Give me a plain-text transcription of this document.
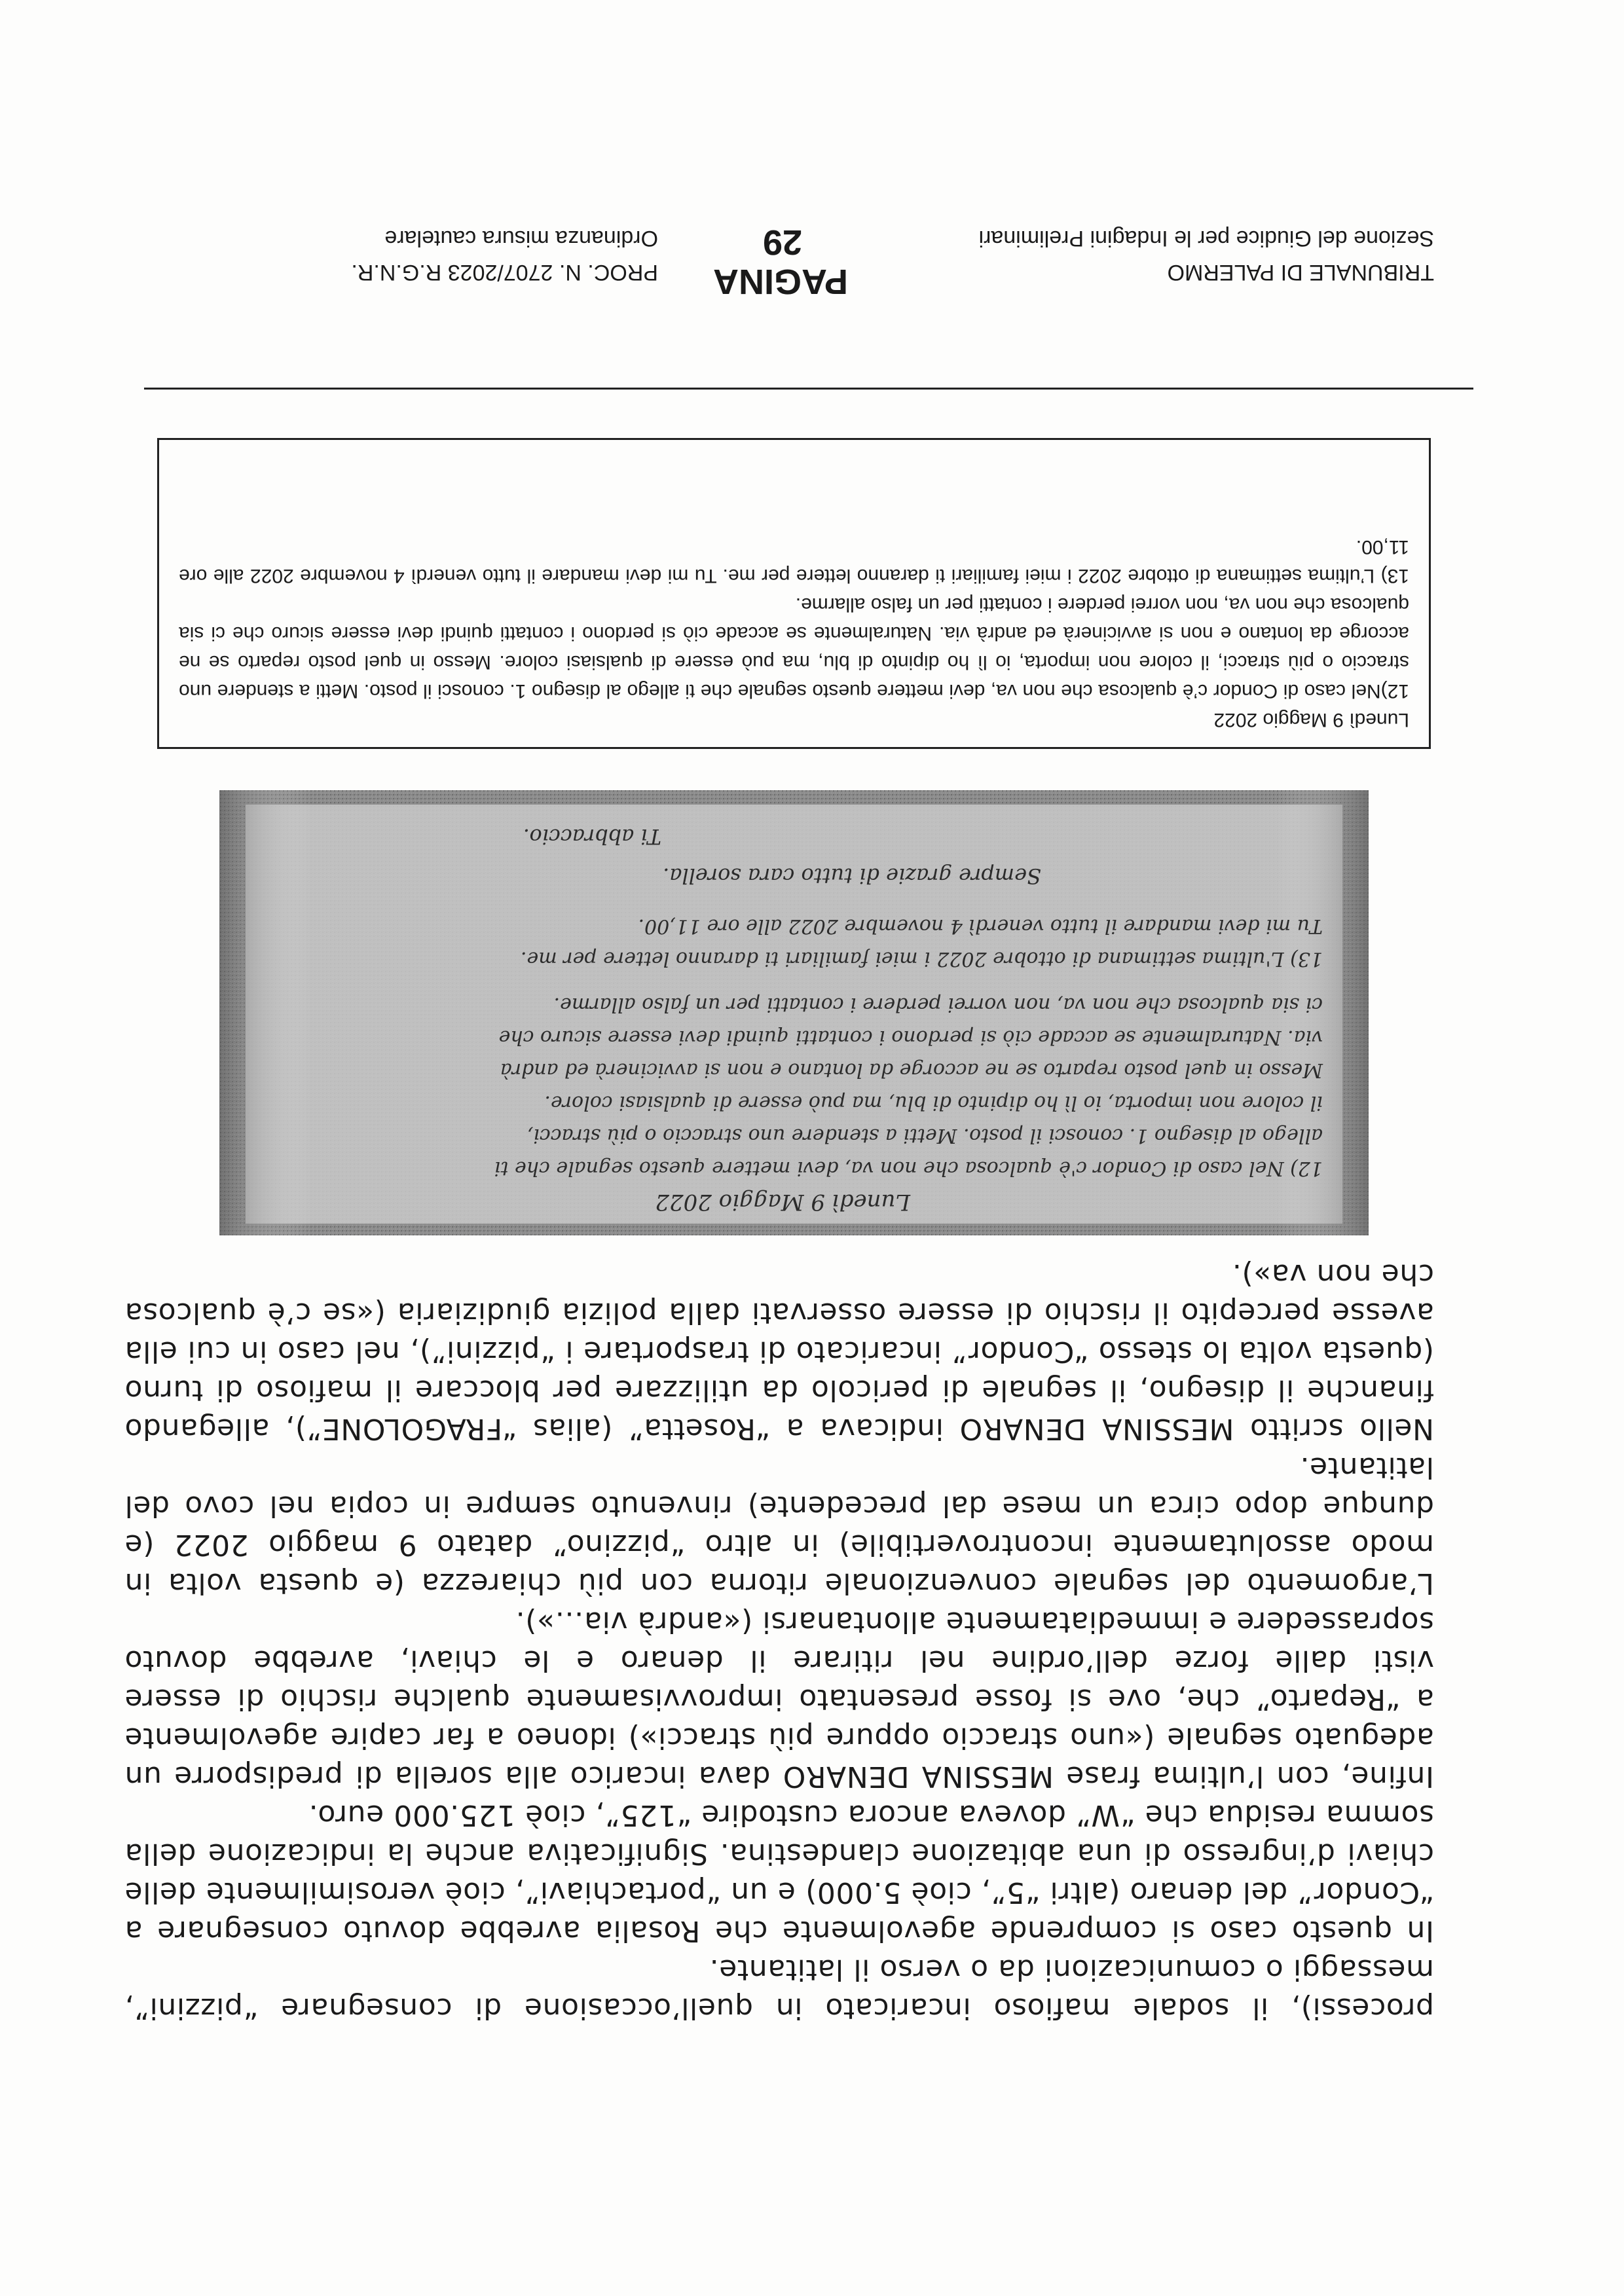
TRIBUNALE DI PALERMO
Sezione del Giudice per le Indagini Preliminari
PAGINA
29
PROC. N. 2707/2023 R.G.N.R.
Ordinanza misura cautelare

Lunedì 9 Maggio 2022

12)Nel caso di Condor c’è qualcosa che non va, devi mettere questo segnale che ti allego al disegno 1. conosci il posto. Metti a stendere uno straccio o più stracci, il colore non importa, io lì ho dipinto di blu, ma può essere di qualsiasi colore. Messo in quel posto reparto se ne accorge da lontano e non si avvicinerà ed andrà via. Naturalmente se accade ciò si perdono i contatti quindi devi essere sicuro che ci sia qualcosa che non va, non vorrei perdere i contatti per un falso allarme.

13) L’ultima settimana di ottobre 2022 i miei familiari ti daranno lettere per me. Tu mi devi mandare il tutto venerdì 4 novembre 2022 alle ore 11,00.

Lunedì 9 Maggio 2022
12) Nel caso di Condor c'è qualcosa che non va, devi mettere questo segnale che ti
allego al disegno 1. conosci il posto. Metti a stendere uno straccio o più stracci,
il colore non importa, io lì ho dipinto di blu, ma può essere di qualsiasi colore.
Messo in quel posto reparto se ne accorge da lontano e non si avvicinerà ed andrà
via. Naturalmente se accade ciò si perdono i contatti quindi devi essere sicuro che
ci sia qualcosa che non va, non vorrei perdere i contatti per un falso allarme.
13) L'ultima settimana di ottobre 2022 i miei familiari ti daranno lettere per me.
Tu mi devi mandare il tutto venerdì 4 novembre 2022 alle ore 11,00.
Sempre grazie di tutto cara sorella.
Ti abbraccio.

processi), il sodale mafioso incaricato in quell’occasione di consegnare “pizzini”, messaggi o comunicazioni da o verso il latitante.

In questo caso si comprende agevolmente che Rosalia avrebbe dovuto consegnare a “Condor” del denaro (altri “5”, cioè 5.000) e un “portachiavi”, cioè verosimilmente delle chiavi d’ingresso di una abitazione clandestina. Significativa anche la indicazione della somma residua che “W” doveva ancora custodire “125”, cioè 125.000 euro.

Infine, con l’ultima frase MESSINA DENARO dava incarico alla sorella di predisporre un adeguato segnale («uno straccio oppure più stracci») idoneo a far capire agevolmente a “Reparto” che, ove si fosse presentato improvvisamente qualche rischio di essere visti dalle forze dell’ordine nel ritirare il denaro e le chiavi, avrebbe dovuto soprassedere e immediatamente allontanarsi («andrà via…»).

L’argomento del segnale convenzionale ritorna con più chiarezza (e questa volta in modo assolutamente incontrovertibile) in altro “pizzino” datato 9 maggio 2022 (e dunque dopo circa un mese dal precedente) rinvenuto sempre in copia nel covo del latitante.

Nello scritto MESSINA DENARO indicava a “Rosetta” (alias “FRAGOLONE”), allegando finanche il disegno, il segnale di pericolo da utilizzare per bloccare il mafioso di turno (questa volta lo stesso “Condor” incaricato di trasportare i “pizzini”), nel caso in cui ella avesse percepito il rischio di essere osservati dalla polizia giudiziaria («se c’è qualcosa che non va»).
